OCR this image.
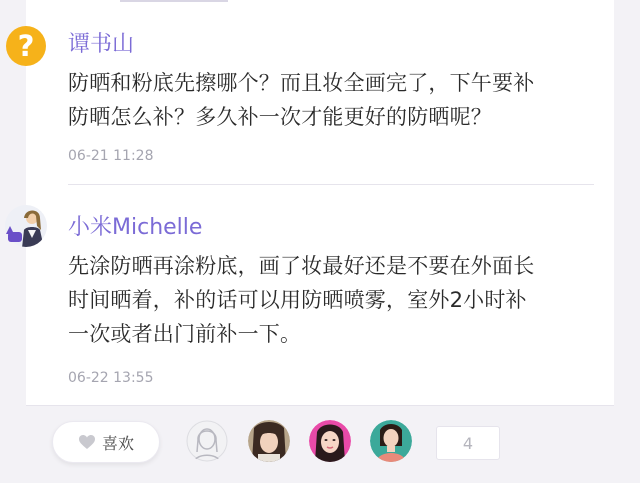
?	谭书山
防晒和粉底先擦哪个？而且妆全画完了，下午要补
防晒怎么补？多久补一次才能更好的防晒呢？
06-21 11:28
小米Michelle
先涂防晒再涂粉底，画了妆最好还是不要在外面长
时间晒着，补的话可以用防晒喷雾，室外2小时补
一次或者出门前补一下。
06-22 13:55
喜欢	4
